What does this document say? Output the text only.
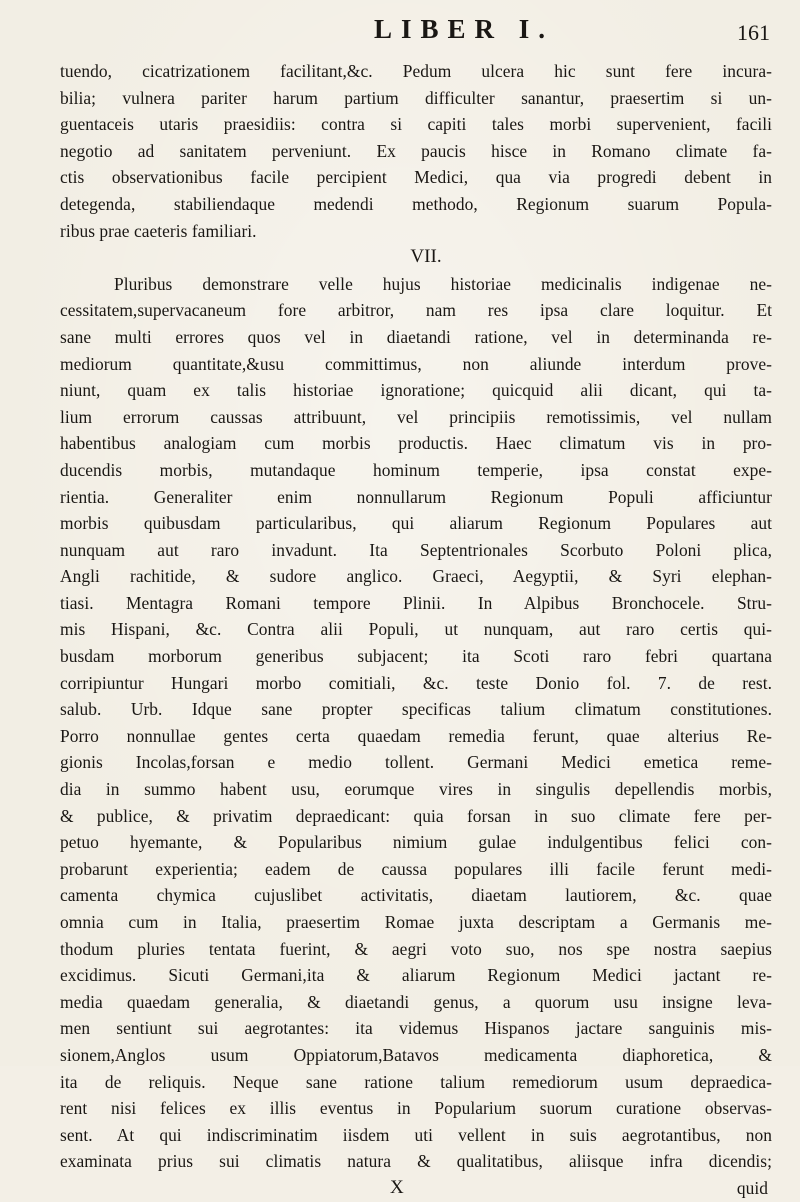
LIBER I.	161
tuendo, cicatrizationem facilitant,&c. Pedum ulcera hic sunt fere incura-
bilia; vulnera pariter harum partium difficulter sanantur, praesertim si un-
guentaceis utaris praesidiis: contra si capiti tales morbi supervenient, facili
negotio ad sanitatem perveniunt. Ex paucis hisce in Romano climate fa-
ctis observationibus facile percipient Medici, qua via progredi debent in
detegenda, stabiliendaque medendi methodo, Regionum suarum Popula-
ribus prae caeteris familiari.
VII.
Pluribus demonstrare velle hujus historiae medicinalis indigenae ne-
cessitatem,supervacaneum fore arbitror, nam res ipsa clare loquitur. Et
sane multi errores quos vel in diaetandi ratione, vel in determinanda re-
mediorum quantitate,&usu committimus, non aliunde interdum prove-
niunt, quam ex talis historiae ignoratione; quicquid alii dicant, qui ta-
lium errorum caussas attribuunt, vel principiis remotissimis, vel nullam
habentibus analogiam cum morbis productis. Haec climatum vis in pro-
ducendis morbis, mutandaque hominum temperie, ipsa constat expe-
rientia. Generaliter enim nonnullarum Regionum Populi afficiuntur
morbis quibusdam particularibus, qui aliarum Regionum Populares aut
nunquam aut raro invadunt. Ita Septentrionales Scorbuto Poloni plica,
Angli rachitide, & sudore anglico. Graeci, Aegyptii, & Syri elephan-
tiasi. Mentagra Romani tempore Plinii. In Alpibus Bronchocele. Stru-
mis Hispani, &c. Contra alii Populi, ut nunquam, aut raro certis qui-
busdam morborum generibus subjacent; ita Scoti raro febri quartana
corripiuntur Hungari morbo comitiali, &c. teste Donio fol. 7. de rest.
salub. Urb. Idque sane propter specificas talium climatum constitutiones.
Porro nonnullae gentes certa quaedam remedia ferunt, quae alterius Re-
gionis Incolas,forsan e medio tollent. Germani Medici emetica reme-
dia in summo habent usu, eorumque vires in singulis depellendis morbis,
& publice, & privatim depraedicant: quia forsan in suo climate fere per-
petuo hyemante, & Popularibus nimium gulae indulgentibus felici con-
probarunt experientia; eadem de caussa populares illi facile ferunt medi-
camenta chymica cujuslibet activitatis, diaetam lautiorem, &c. quae
omnia cum in Italia, praesertim Romae juxta descriptam a Germanis me-
thodum pluries tentata fuerint, & aegri voto suo, nos spe nostra saepius
excidimus. Sicuti Germani,ita & aliarum Regionum Medici jactant re-
media quaedam generalia, & diaetandi genus, a quorum usu insigne leva-
men sentiunt sui aegrotantes: ita videmus Hispanos jactare sanguinis mis-
sionem,Anglos usum Oppiatorum,Batavos medicamenta diaphoretica, &
ita de reliquis. Neque sane ratione talium remediorum usum depraedica-
rent nisi felices ex illis eventus in Popularium suorum curatione observas-
sent. At qui indiscriminatim iisdem uti vellent in suis aegrotantibus, non
examinata prius sui climatis natura & qualitatibus, aliisque infra dicendis;
X	quid
